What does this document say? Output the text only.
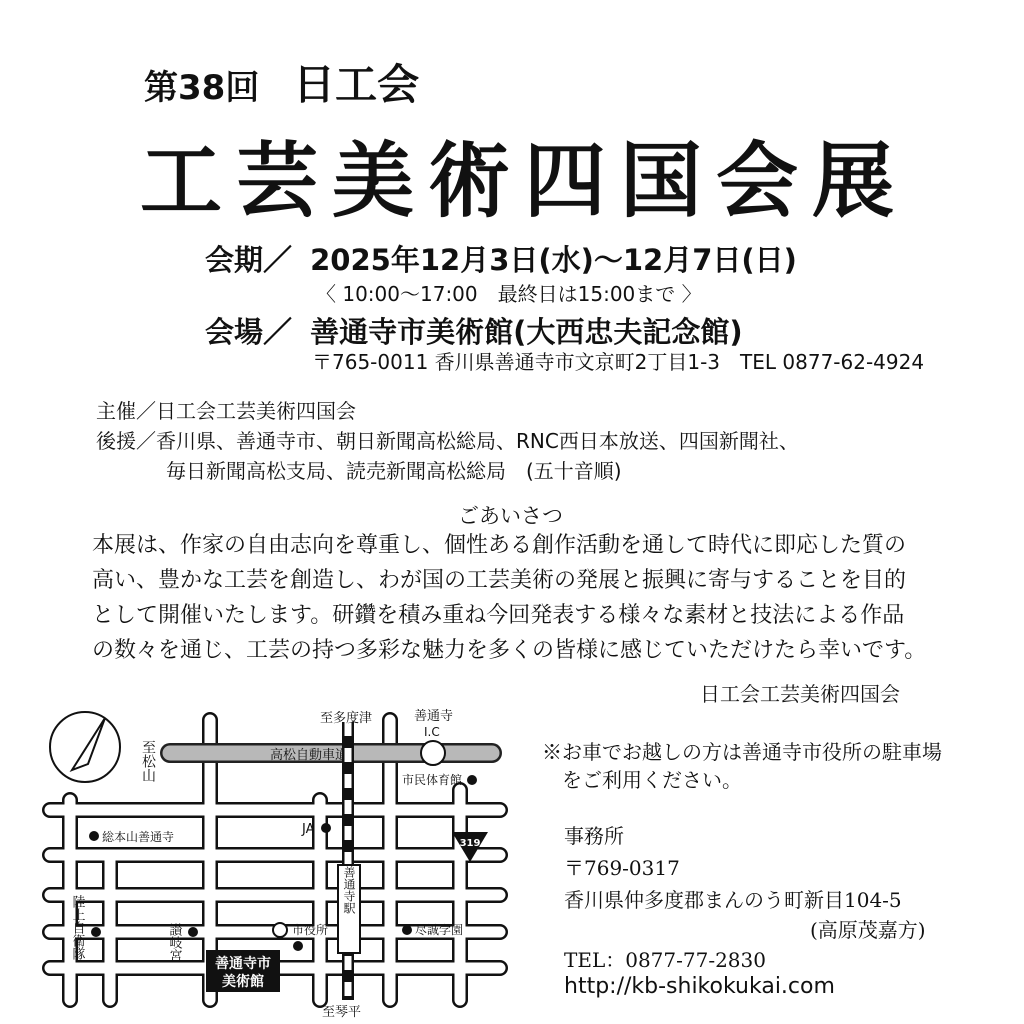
第38回 日工会
工芸美術四国会展
会期／ 2025年12月3日(水)～12月7日(日)
〈 10:00～17:00　最終日は15:00まで 〉
会場／ 善通寺市美術館(大西忠夫記念館)
〒765-0011 香川県善通寺市文京町2丁目1-3　TEL 0877-62-4924
主催／日工会工芸美術四国会
後援／香川県、善通寺市、朝日新聞高松総局、RNC西日本放送、四国新聞社、
毎日新聞高松支局、読売新聞高松総局　(五十音順)
ごあいさつ
本展は、作家の自由志向を尊重し、個性ある創作活動を通して時代に即応した質の
高い、豊かな工芸を創造し、わが国の工芸美術の発展と振興に寄与することを目的
として開催いたします。研鑽を積み重ね今回発表する様々な素材と技法による作品
の数々を通じ、工芸の持つ多彩な魅力を多くの皆様に感じていただけたら幸いです。
日工会工芸美術四国会
高松自動車道
善通寺駅
至松山
至多度津	善通寺
I.C
市民体育館
JA
319
総本山善通寺
陸上自衛隊	讃岐宮	市役所	尽誠学園
善通寺市
美術館
至琴平
※お車でお越しの方は善通寺市役所の駐車場
をご利用ください。
事務所
〒769-0317
香川県仲多度郡まんのう町新目104-5
(高原茂嘉方)
TEL：0877-77-2830
http://kb-shikokukai.com
